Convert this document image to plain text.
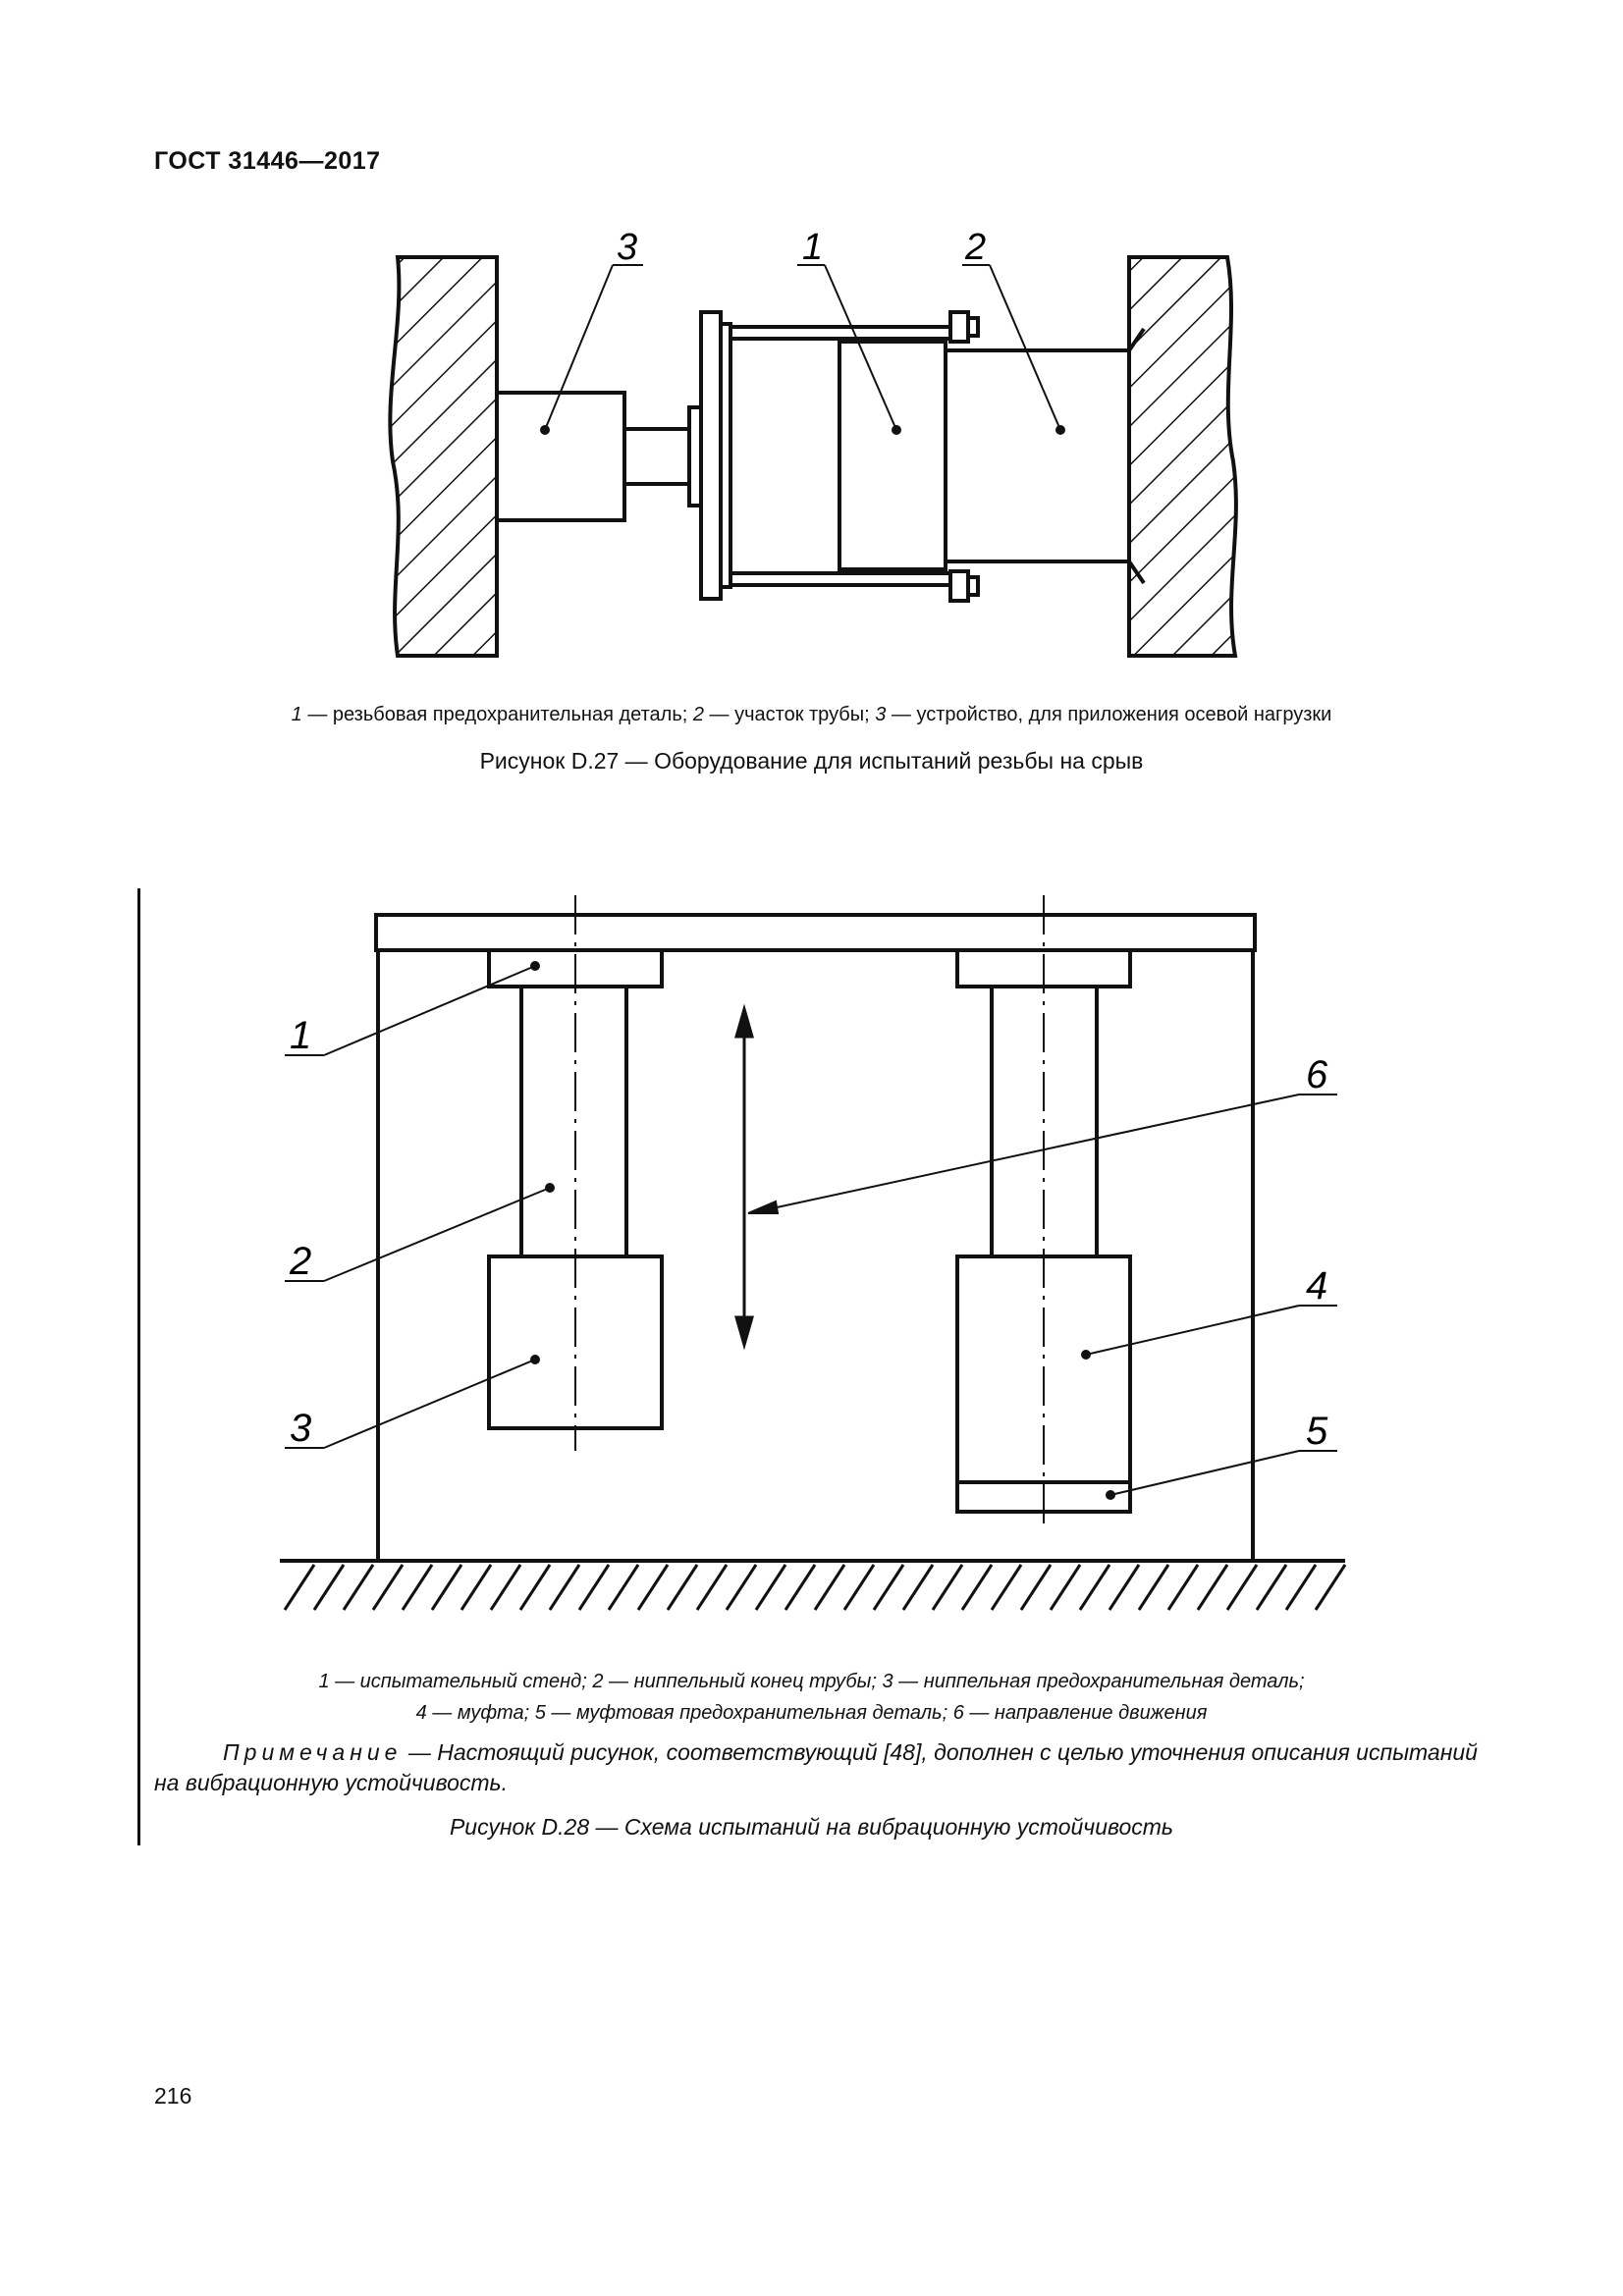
ГОСТ 31446—2017
3	1	2
1 — резьбовая предохранительная деталь; 2 — участок трубы; 3 — устройство, для приложения осевой нагрузки
Рисунок D.27 — Оборудование для испытаний резьбы на срыв
1
2
3
6
4
5
1 — испытательный стенд; 2 — ниппельный конец трубы; 3 — ниппельная предохранительная деталь;
4 — муфта; 5 — муфтовая предохранительная деталь; 6 — направление движения
Примечание — Настоящий рисунок, соответствующий [48], дополнен с целью уточнения описания испытаний на вибрационную устойчивость.
Рисунок D.28 — Схема испытаний на вибрационную устойчивость
216
